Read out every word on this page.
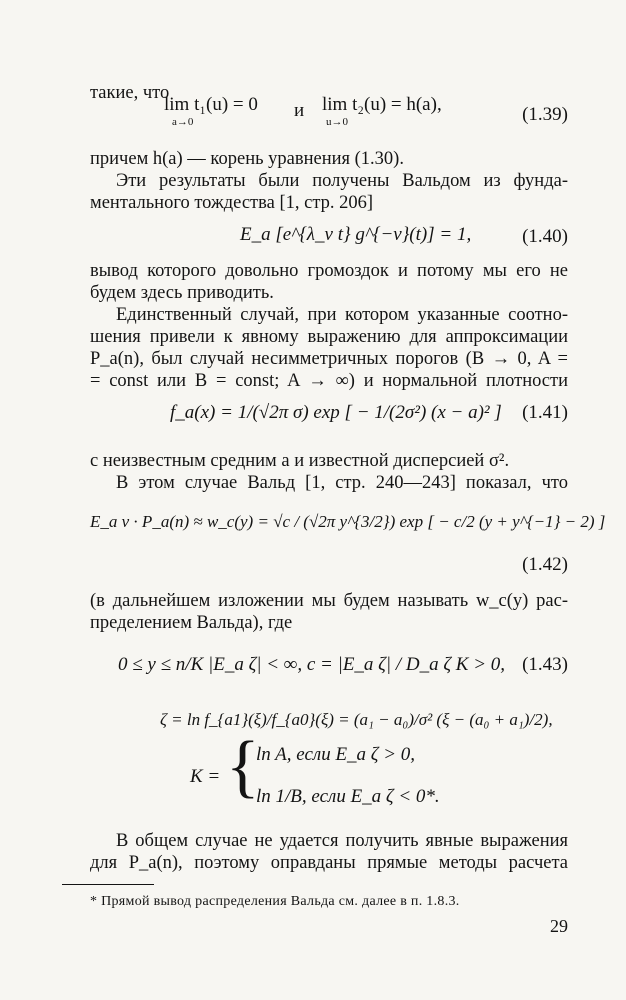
такие, что
lim t₁(u) = 0
a→0
и lim t₂(u) = h(a),
u→0	(1.39)
причем h(a) — корень уравнения (1.30).
Эти результаты были получены Вальдом из фунда-
ментального тождества [1, стр. 206]
E_a [e^{λ_v t} g^{−v}(t)] = 1,	(1.40)
вывод которого довольно громоздок и потому мы его не
будем здесь приводить.
Единственный случай, при котором указанные соотно-
шения привели к явному выражению для аппроксимации
P_a(n), был случай несимметричных порогов (B → 0, A =
= const или B = const; A → ∞) и нормальной плотности
f_a(x) = 1/(√2π σ) exp [ − 1/(2σ²) (x − a)² ] (1.41)
с неизвестным средним a и известной дисперсией σ².
В этом случае Вальд [1, стр. 240—243] показал, что
E_a v · P_a(n) ≈ w_c(y) = √c / (√2π y^{3/2}) exp [ − c/2 (y + y^{−1} − 2) ]
(1.42)
(в дальнейшем изложении мы будем называть w_c(y) рас-
пределением Вальда), где
0 ≤ y ≤ n/K |E_a ζ| < ∞, c = |E_a ζ| / D_a ζ K > 0, (1.43)
ζ = ln f_{a1}(ξ)/f_{a0}(ξ) = (a₁ − a₀)/σ² (ξ − (a₀ + a₁)/2),
K = {
ln A, если E_a ζ > 0,
ln 1/B, если E_a ζ < 0*.
В общем случае не удается получить явные выражения
для P_a(n), поэтому оправданы прямые методы расчета
* Прямой вывод распределения Вальда см. далее в п. 1.8.3.
29
